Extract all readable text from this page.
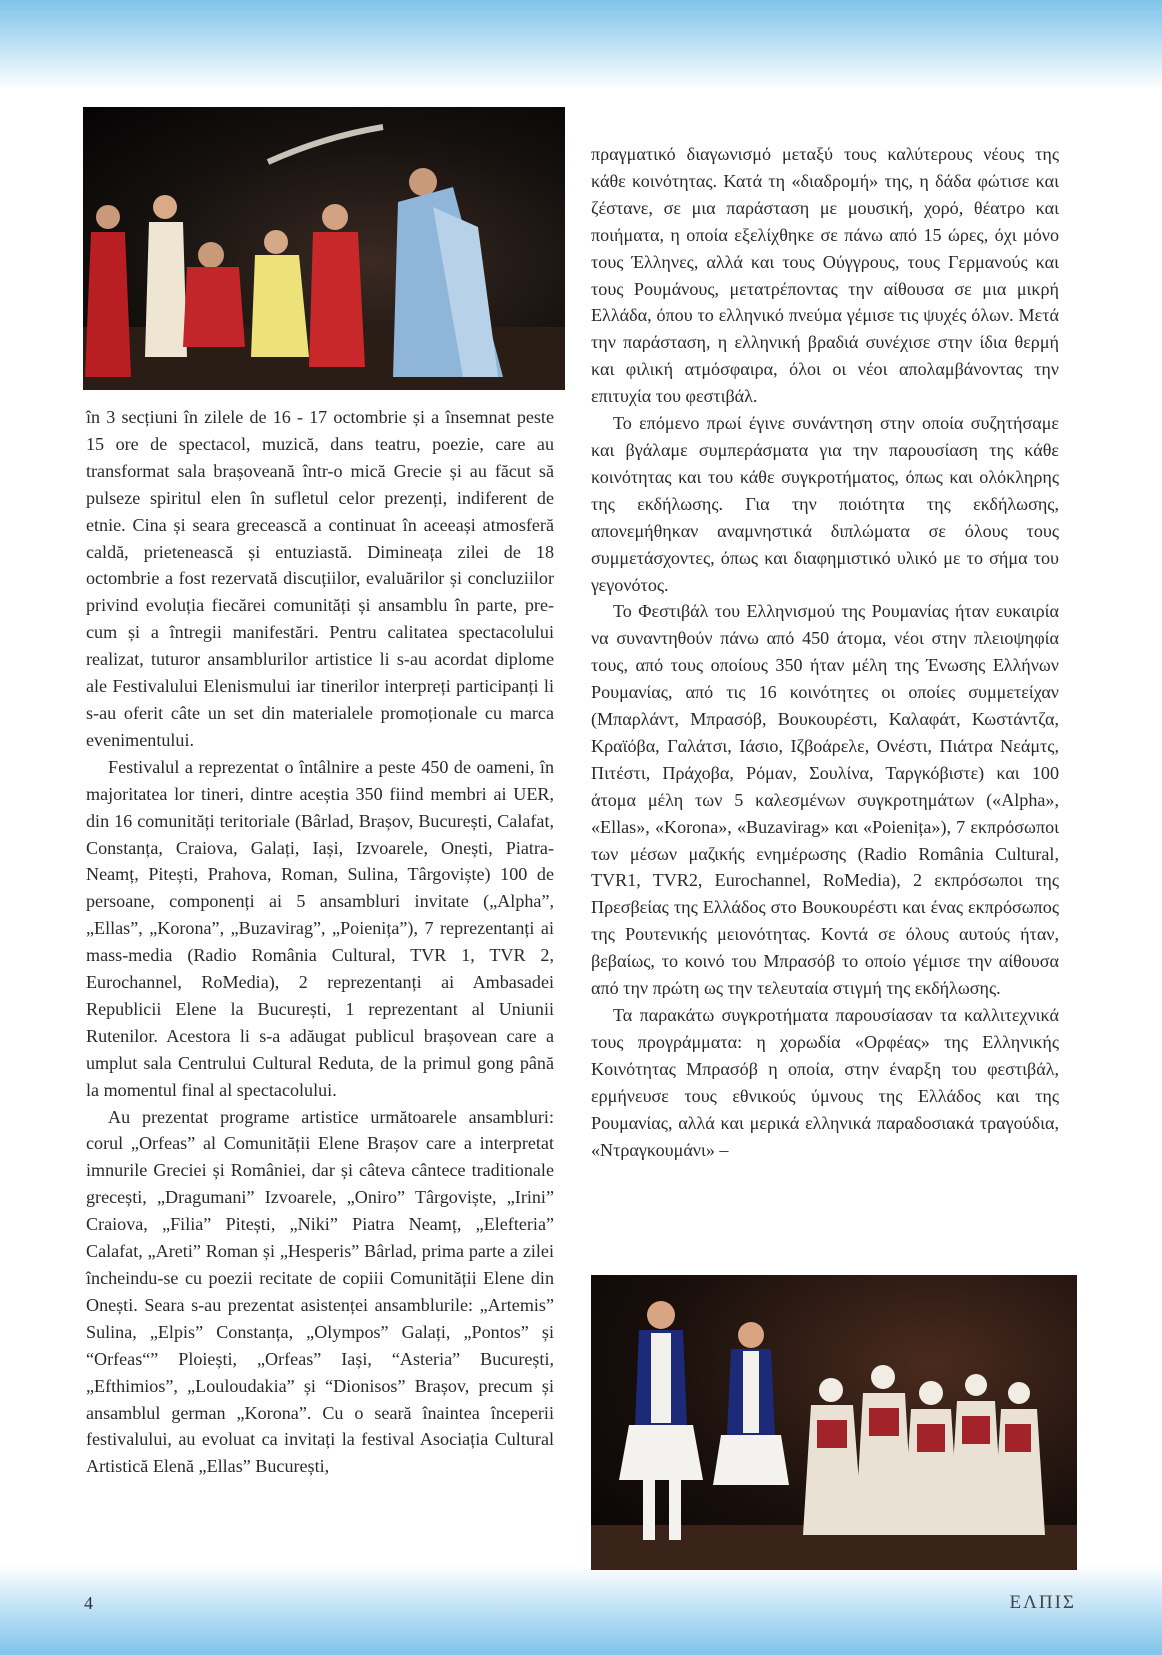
în 3 secțiuni în zilele de 16 - 17 octombrie și a însemnat peste 15 ore de spectacol, muzică, dans teatru, poezie, care au transformat sala brașoveană într-o mică Grecie și au făcut să pulseze spiritul elen în sufletul celor prezenți, indiferent de etnie. Cina și seara grecească a continuat în aceeași atmosferă caldă, prietenească și entuziastă. Dimineața zilei de 18 octombrie a fost rezervată discuțiilor, evaluărilor și concluziilor privind evoluția fiecărei comunități și ansamblu în parte, precum și a întregii manifestări. Pentru calitatea spectacolului realizat, tuturor ansamblurilor artistice li s-au acordat diplome ale Festivalului Elenismului iar tinerilor interpreți participanți li s-au oferit câte un set din materialele promoționale cu marca evenimentului.

Festivalul a reprezentat o întâlnire a peste 450 de oameni, în majoritatea lor tineri, dintre aceștia 350 fiind membri ai UER, din 16 comunități teritoriale (Bârlad, Brașov, București, Calafat, Constanța, Craiova, Galați, Iași, Izvoarele, Onești, Piatra-Neamț, Pitești, Prahova, Roman, Sulina, Târgoviște) 100 de persoane, componenți ai 5 ansambluri invitate („Alpha”, „Ellas”, „Korona”, „Buzavirag”, „Poienița”), 7 reprezentanți ai mass-media (Radio România Cultural, TVR 1, TVR 2, Eurochannel, RoMedia), 2 reprezentanți ai Ambasadei Republicii Elene la București, 1 reprezentant al Uniunii Rutenilor. Acestora li s-a adăugat publicul brașovean care a umplut sala Centrului Cultural Reduta, de la primul gong până la momentul final al spectacolului.

Au prezentat programe artistice următoarele ansambluri: corul „Orfeas” al Comunității Elene Brașov care a interpretat imnurile Greciei și României, dar și câteva cântece traditionale grecești, „Dragumani” Izvoarele, „Oniro” Târgoviște, „Irini” Craiova, „Filia” Pitești, „Niki” Piatra Neamț, „Elefteria” Calafat, „Areti” Roman și „Hesperis” Bârlad, prima parte a zilei încheindu-se cu poezii recitate de copiii Comunității Elene din Onești. Seara s-au prezentat asistenței ansamblurile: „Artemis” Sulina, „Elpis” Constanța, „Olympos” Galați, „Pontos” și “Orfeas“” Ploiești, „Orfeas” Iași, “Asteria” București, „Efthimios”, „Louloudakia” și “Dionisos” Brașov, precum și ansamblul german „Korona”. Cu o seară înaintea începerii festivalului, au evoluat ca invitați la festival Asociația Cultural Artistică Elenă „Ellas” București,

πραγματικό διαγωνισμό μεταξύ τους καλύτερους νέους της κάθε κοινότητας. Κατά τη «διαδρομή» της, η δάδα φώτισε και ζέστανε, σε μια παράσταση με μουσική, χορό, θέατρο και ποιήματα, η οποία εξελίχθηκε σε πάνω από 15 ώρες, όχι μόνο τους Έλληνες, αλλά και τους Ούγγρους, τους Γερμανούς και τους Ρουμάνους, μετατρέποντας την αίθουσα σε μια μικρή Ελλάδα, όπου το ελληνικό πνεύμα γέμισε τις ψυχές όλων. Μετά την παράσταση, η ελληνική βραδιά συνέχισε στην ίδια θερμή και φιλική ατμόσφαιρα, όλοι οι νέοι απολαμβάνοντας την επιτυχία του φεστιβάλ.

Το επόμενο πρωί έγινε συνάντηση στην οποία συζητήσαμε και βγάλαμε συμπεράσματα για την παρουσίαση της κάθε κοινότητας και του κάθε συγκροτήματος, όπως και ολόκληρης της εκδήλωσης. Για την ποιότητα της εκδήλωσης, απονεμήθηκαν αναμνηστικά διπλώματα σε όλους τους συμμετάσχοντες, όπως και διαφημιστικό υλικό με το σήμα του γεγονότος.

Το Φεστιβάλ του Ελληνισμού της Ρουμανίας ήταν ευκαιρία να συναντηθούν πάνω από 450 άτομα, νέοι στην πλειοψηφία τους, από τους οποίους 350 ήταν μέλη της Ένωσης Ελλήνων Ρουμανίας, από τις 16 κοινότητες οι οποίες συμμετείχαν (Μπαρλάντ, Μπρασόβ, Βουκουρέστι, Καλαφάτ, Κωστάντζα, Κραϊόβα, Γαλάτσι, Ιάσιο, Ιζβοάρελε, Ονέστι, Πιάτρα Νεάμτς, Πιτέστι, Πράχοβα, Ρόμαν, Σουλίνα, Ταργκόβιστε) και 100 άτομα μέλη των 5 καλεσμένων συγκροτημάτων («Alpha», «Ellas», «Korona», «Buzavirag» και «Poienița»), 7 εκπρόσωποι των μέσων μαζικής ενημέρωσης (Radio România Cultural, TVR1, TVR2, Eurochannel, RoMedia), 2 εκπρόσωποι της Πρεσβείας της Ελλάδος στο Βουκουρέστι και ένας εκπρόσωπος της Ρουτενικής μειονότητας. Κοντά σε όλους αυτούς ήταν, βεβαίως, το κοινό του Μπρασόβ το οποίο γέμισε την αίθουσα από την πρώτη ως την τελευταία στιγμή της εκδήλωσης.

Τα παρακάτω συγκροτήματα παρουσίασαν τα καλλιτεχνικά τους προγράμματα: η χορωδία «Ορφέας» της Ελληνικής Κοινότητας Μπρασόβ η οποία, στην έναρξη του φεστιβάλ, ερμήνευσε τους εθνικούς ύμνους της Ελλάδος και της Ρουμανίας, αλλά και μερικά ελληνικά παραδοσιακά τραγούδια, «Ντραγκουμάνι» –

4	ΕΛΠΙΣ
